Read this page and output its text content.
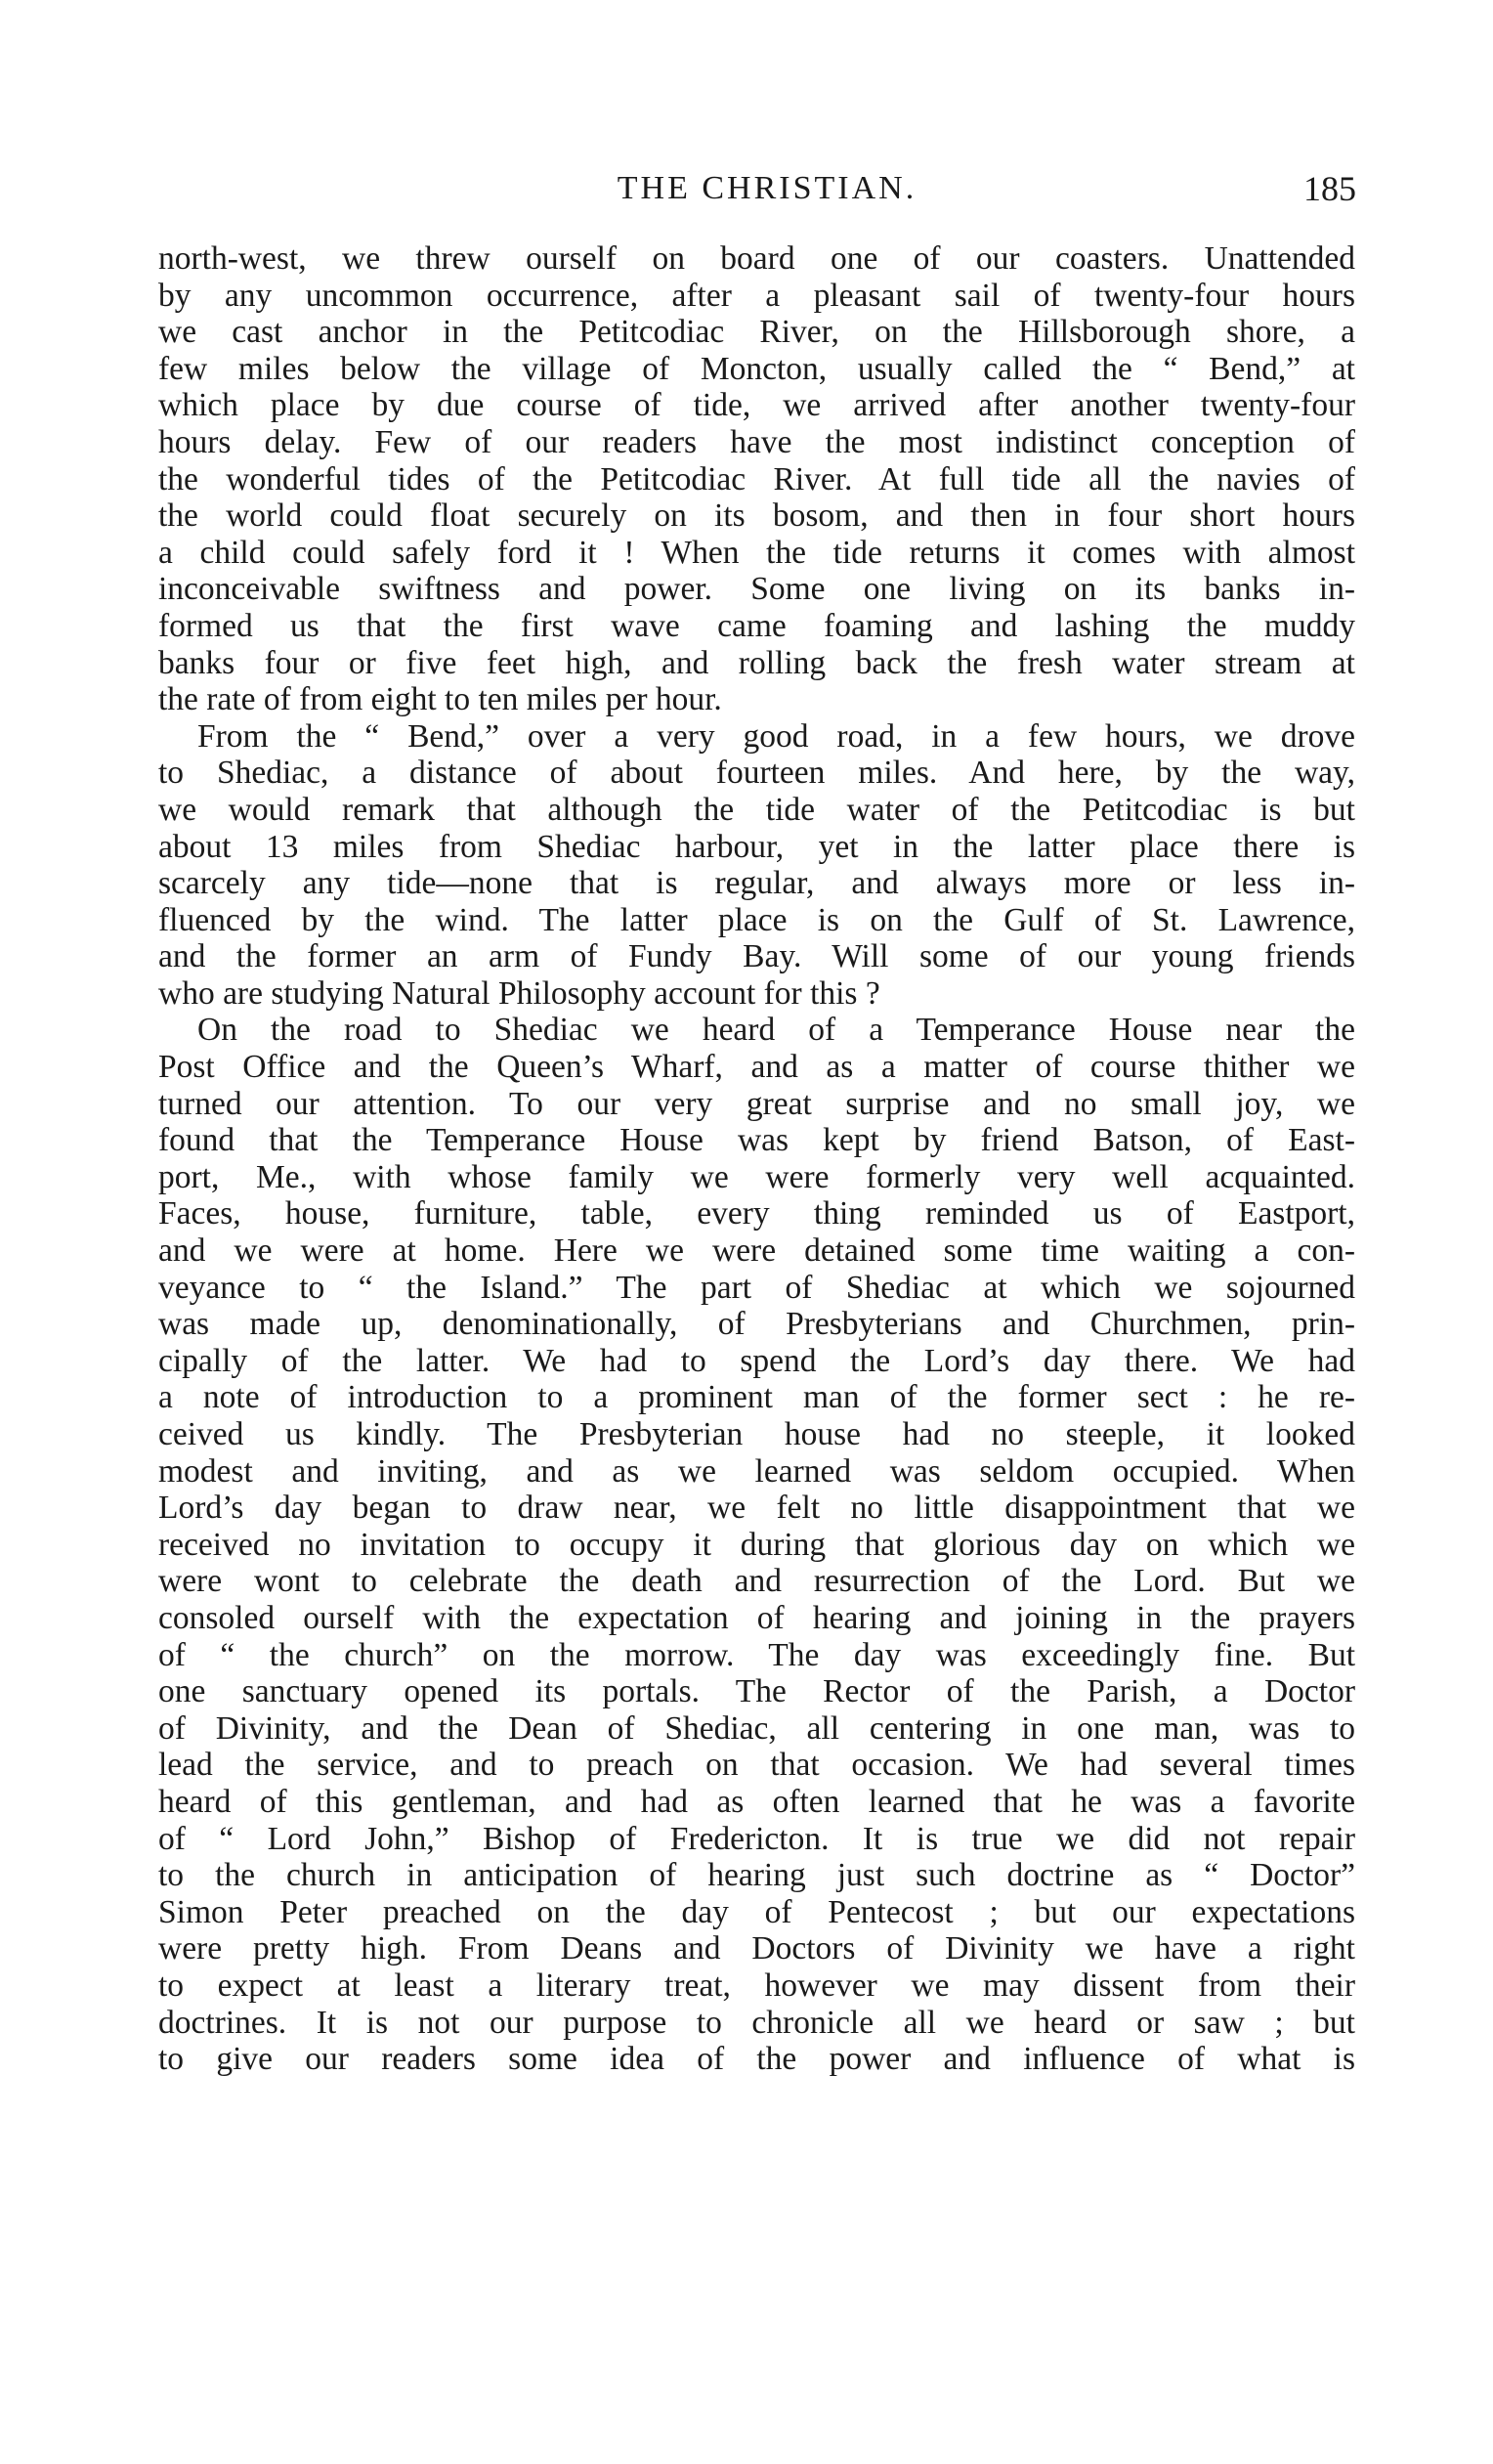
THE CHRISTIAN.	185
north-west, we threw ourself on board one of our coasters. Unattended
by any uncommon occurrence, after a pleasant sail of twenty-four hours
we cast anchor in the Petitcodiac River, on the Hillsborough shore, a
few miles below the village of Moncton, usually called the “ Bend,” at
which place by due course of tide, we arrived after another twenty-four
hours delay. Few of our readers have the most indistinct conception of
the wonderful tides of the Petitcodiac River. At full tide all the navies of
the world could float securely on its bosom, and then in four short hours
a child could safely ford it ! When the tide returns it comes with almost
inconceivable swiftness and power. Some one living on its banks in-
formed us that the first wave came foaming and lashing the muddy
banks four or five feet high, and rolling back the fresh water stream at
the rate of from eight to ten miles per hour.
From the “ Bend,” over a very good road, in a few hours, we drove
to Shediac, a distance of about fourteen miles. And here, by the way,
we would remark that although the tide water of the Petitcodiac is but
about 13 miles from Shediac harbour, yet in the latter place there is
scarcely any tide—none that is regular, and always more or less in-
fluenced by the wind. The latter place is on the Gulf of St. Lawrence,
and the former an arm of Fundy Bay. Will some of our young friends
who are studying Natural Philosophy account for this ?
On the road to Shediac we heard of a Temperance House near the
Post Office and the Queen’s Wharf, and as a matter of course thither we
turned our attention. To our very great surprise and no small joy, we
found that the Temperance House was kept by friend Batson, of East-
port, Me., with whose family we were formerly very well acquainted.
Faces, house, furniture, table, every thing reminded us of Eastport,
and we were at home. Here we were detained some time waiting a con-
veyance to “ the Island.” The part of Shediac at which we sojourned
was made up, denominationally, of Presbyterians and Churchmen, prin-
cipally of the latter. We had to spend the Lord’s day there. We had
a note of introduction to a prominent man of the former sect : he re-
ceived us kindly. The Presbyterian house had no steeple, it looked
modest and inviting, and as we learned was seldom occupied. When
Lord’s day began to draw near, we felt no little disappointment that we
received no invitation to occupy it during that glorious day on which we
were wont to celebrate the death and resurrection of the Lord. But we
consoled ourself with the expectation of hearing and joining in the prayers
of “ the church” on the morrow. The day was exceedingly fine. But
one sanctuary opened its portals. The Rector of the Parish, a Doctor
of Divinity, and the Dean of Shediac, all centering in one man, was to
lead the service, and to preach on that occasion. We had several times
heard of this gentleman, and had as often learned that he was a favorite
of “ Lord John,” Bishop of Fredericton. It is true we did not repair
to the church in anticipation of hearing just such doctrine as “ Doctor”
Simon Peter preached on the day of Pentecost ; but our expectations
were pretty high. From Deans and Doctors of Divinity we have a right
to expect at least a literary treat, however we may dissent from their
doctrines. It is not our purpose to chronicle all we heard or saw ; but
to give our readers some idea of the power and influence of what is
